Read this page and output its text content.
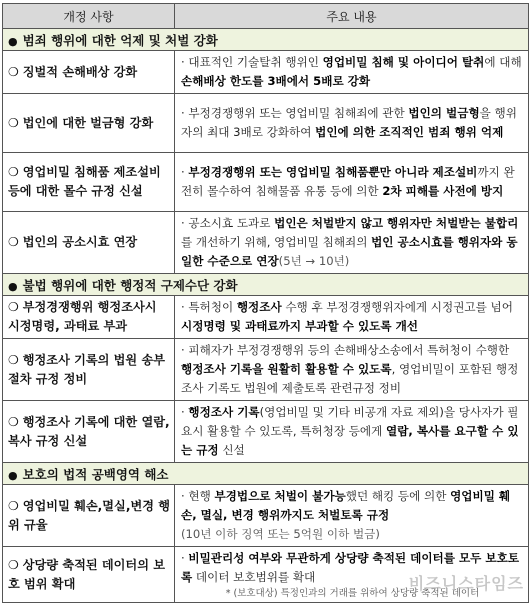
개정 사항	주요 내용
● 범죄 행위에 대한 억제 및 처벌 강화	
❍ 징벌적 손해배상 강화	· 대표적인 기술탈취 행위인 영업비밀 침해 및 아이디어 탈취에 대해 손해배상 한도를 3배에서 5배로 강화
❍ 법인에 대한 벌금형 강화	· 부정경쟁행위 또는 영업비밀 침해죄에 관한 법인의 벌금형을 행위자의 최대 3배로 강화하여 법인에 의한 조직적인 범죄 행위 억제
❍ 영업비밀 침해품 제조설비 등에 대한 몰수 규정 신설	· 부정경쟁행위 또는 영업비밀 침해품뿐만 아니라 제조설비까지 완전히 몰수하여 침해물품 유통 등에 의한 2차 피해를 사전에 방지
❍ 법인의 공소시효 연장	· 공소시효 도과로 법인은 처벌받지 않고 행위자만 처벌받는 불합리를 개선하기 위해, 영업비밀 침해죄의 법인 공소시효를 행위자와 동일한 수준으로 연장(5년 → 10년)
● 불법 행위에 대한 행정적 구제수단 강화	
❍ 부정경쟁행위 행정조사시 시정명령, 과태료 부과	· 특허청이 행정조사 수행 후 부정경쟁행위자에게 시정권고를 넘어 시정명령 및 과태료까지 부과할 수 있도록 개선
❍ 행정조사 기록의 법원 송부 절차 규정 정비	· 피해자가 부정경쟁행위 등의 손해배상소송에서 특허청이 수행한 행정조사 기록을 원활히 활용할 수 있도록, 영업비밀이 포함된 행정조사 기록도 법원에 제출토록 관련규정 정비
❍ 행정조사 기록에 대한 열람, 복사 규정 신설	· 행정조사 기록(영업비밀 및 기타 비공개 자료 제외)을 당사자가 필요시 활용할 수 있도록, 특허청장 등에게 열람, 복사를 요구할 수 있는 규정 신설
● 보호의 법적 공백영역 해소	
❍ 영업비밀 훼손,멸실,변경 행위 규율	· 현행 부경법으로 처벌이 불가능했던 해킹 등에 의한 영업비밀 훼손, 멸실, 변경 행위까지도 처벌토록 규정
(10년 이하 징역 또는 5억원 이하 벌금)
❍ 상당량 축적된 데이터의 보호 범위 확대	· 비밀관리성 여부와 무관하게 상당량 축적된 데이터를 모두 보호토록 데이터 보호범위를 확대
* (보호대상) 특정인과의 거래를 위하여 상당량 축적된 데이터
비즈니스타임즈
